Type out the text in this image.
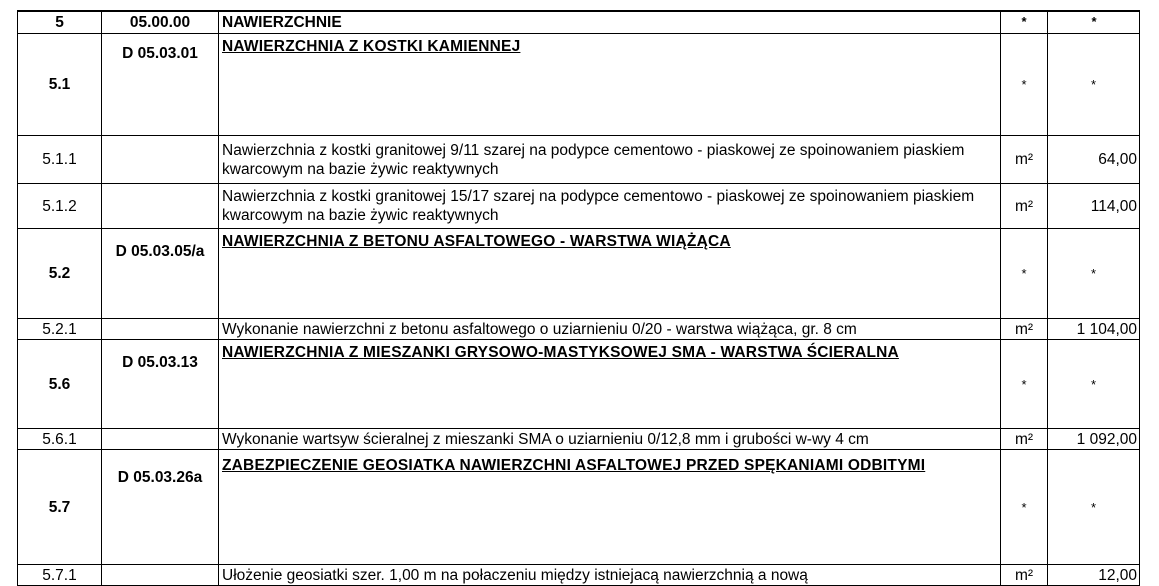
5	05.00.00	NAWIERZCHNIE	*	*
5.1	D 05.03.01	NAWIERZCHNIA Z KOSTKI KAMIENNEJ	*	*
5.1.1		Nawierzchnia z kostki granitowej 9/11 szarej na podypce cementowo - piaskowej ze spoinowaniem piaskiem kwarcowym na bazie żywic reaktywnych	m²	64,00
5.1.2		Nawierzchnia z kostki granitowej 15/17 szarej na podypce cementowo - piaskowej ze spoinowaniem piaskiem kwarcowym na bazie żywic reaktywnych	m²	114,00
5.2	D 05.03.05/a	NAWIERZCHNIA Z BETONU ASFALTOWEGO - WARSTWA WIĄŻĄCA	*	*
5.2.1		Wykonanie nawierzchni z betonu asfaltowego o uziarnieniu 0/20 - warstwa wiążąca, gr. 8 cm	m²	1 104,00
5.6	D 05.03.13	NAWIERZCHNIA Z MIESZANKI GRYSOWO-MASTYKSOWEJ SMA - WARSTWA ŚCIERALNA	*	*
5.6.1		Wykonanie wartsyw ścieralnej z mieszanki SMA o uziarnieniu 0/12,8 mm i grubości w-wy 4 cm	m²	1 092,00
5.7	D 05.03.26a	ZABEZPIECZENIE GEOSIATKA NAWIERZCHNI ASFALTOWEJ PRZED SPĘKANIAMI ODBITYMI	*	*
5.7.1		Ułożenie geosiatki szer. 1,00 m na połaczeniu między istniejacą nawierzchnią a nową	m²	12,00
